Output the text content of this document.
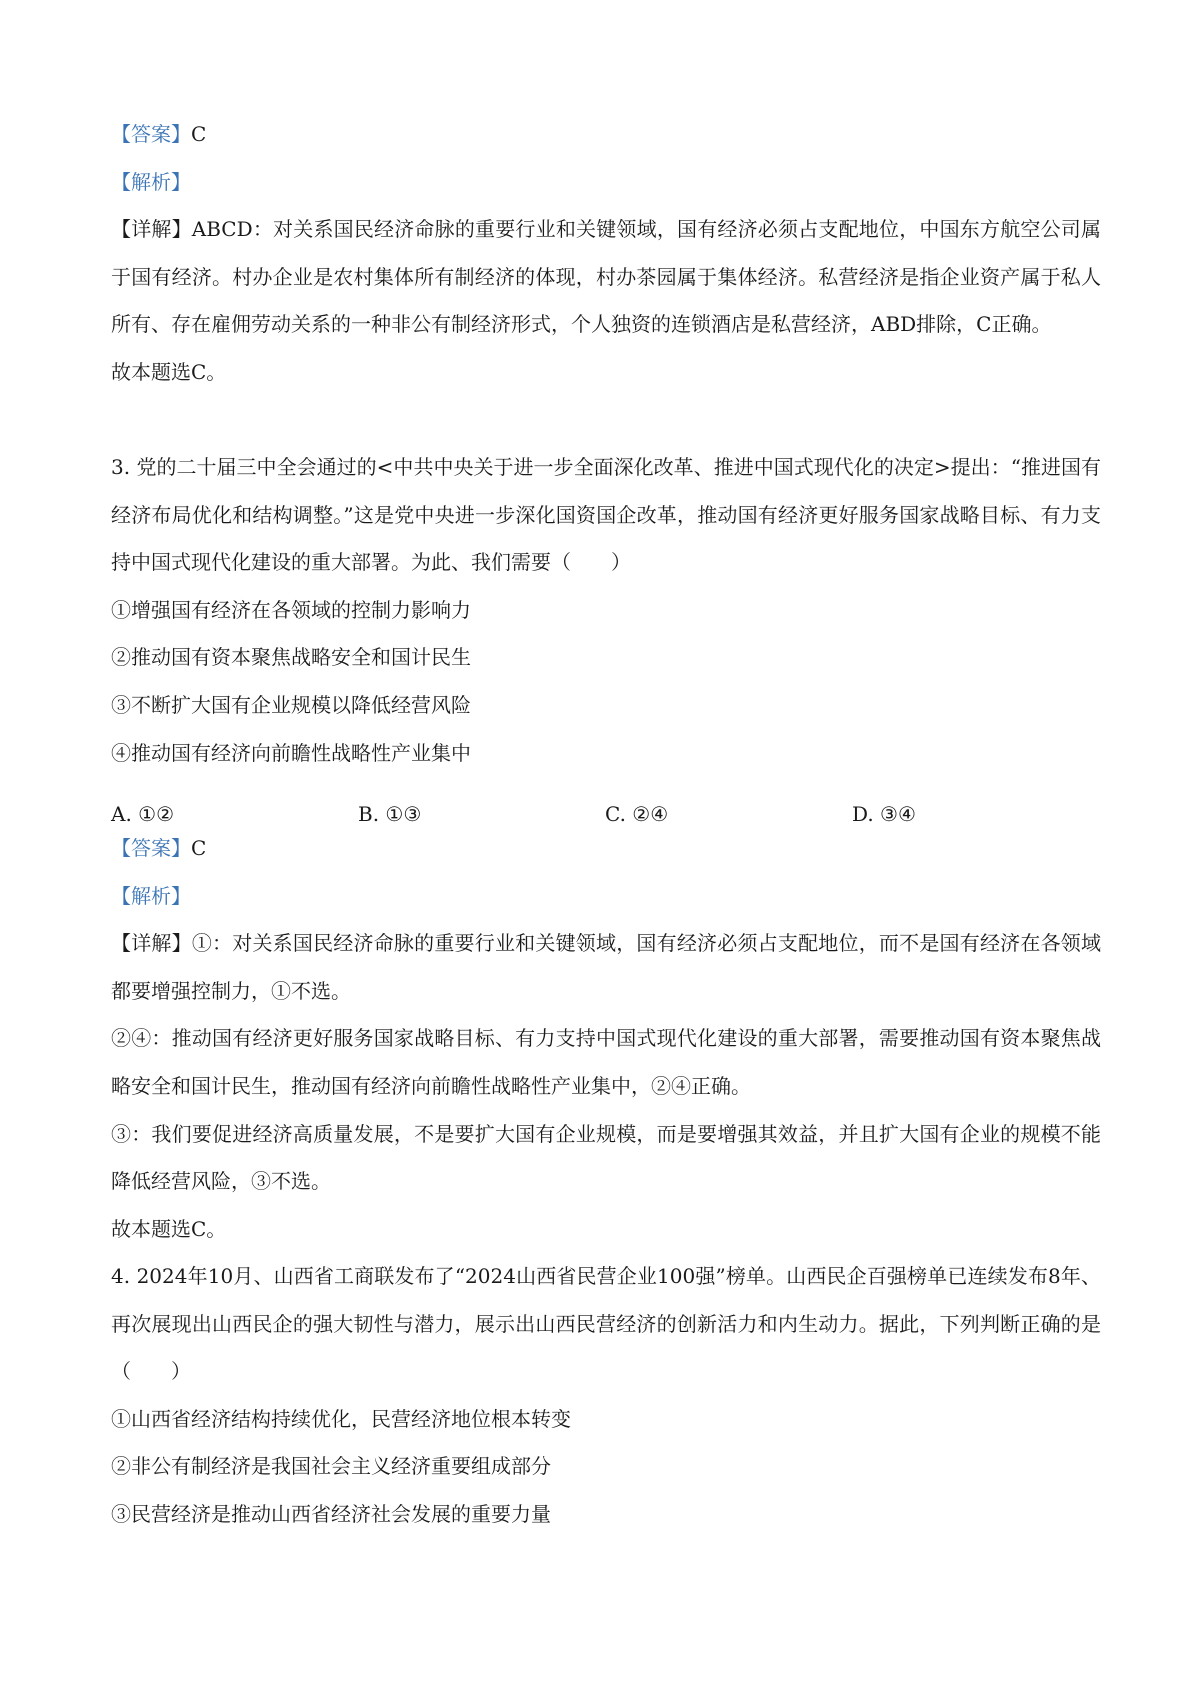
【答案】C

【解析】

【详解】ABCD：对关系国民经济命脉的重要行业和关键领域，国有经济必须占支配地位，中国东方航空公司属于国有经济。村办企业是农村集体所有制经济的体现，村办茶园属于集体经济。私营经济是指企业资产属于私人所有、存在雇佣劳动关系的一种非公有制经济形式，个人独资的连锁酒店是私营经济，ABD排除，C正确。

故本题选C。

3. 党的二十届三中全会通过的<中共中央关于进一步全面深化改革、推进中国式现代化的决定>提出：“推进国有经济布局优化和结构调整。”这是党中央进一步深化国资国企改革，推动国有经济更好服务国家战略目标、有力支持中国式现代化建设的重大部署。为此、我们需要（　　）

①增强国有经济在各领域的控制力影响力

②推动国有资本聚焦战略安全和国计民生

③不断扩大国有企业规模以降低经营风险

④推动国有经济向前瞻性战略性产业集中

A. ①②	B. ①③	C. ②④	D. ③④

【答案】C

【解析】

【详解】①：对关系国民经济命脉的重要行业和关键领域，国有经济必须占支配地位，而不是国有经济在各领域都要增强控制力，①不选。

②④：推动国有经济更好服务国家战略目标、有力支持中国式现代化建设的重大部署，需要推动国有资本聚焦战略安全和国计民生，推动国有经济向前瞻性战略性产业集中，②④正确。

③：我们要促进经济高质量发展，不是要扩大国有企业规模，而是要增强其效益，并且扩大国有企业的规模不能降低经营风险，③不选。

故本题选C。

4. 2024年10月、山西省工商联发布了“2024山西省民营企业100强”榜单。山西民企百强榜单已连续发布8年、再次展现出山西民企的强大韧性与潜力，展示出山西民营经济的创新活力和内生动力。据此，下列判断正确的是（　　）

①山西省经济结构持续优化，民营经济地位根本转变

②非公有制经济是我国社会主义经济重要组成部分

③民营经济是推动山西省经济社会发展的重要力量
